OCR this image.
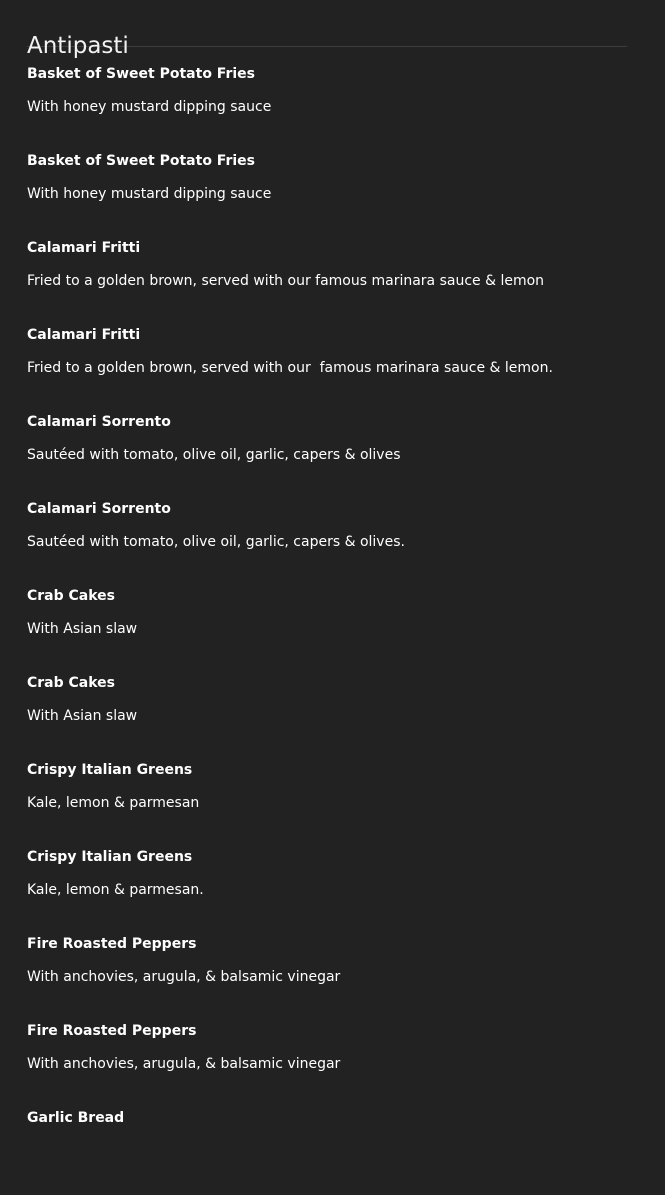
Antipasti
Basket of Sweet Potato Fries
With honey mustard dipping sauce
Basket of Sweet Potato Fries
With honey mustard dipping sauce
Calamari Fritti
Fried to a golden brown, served with our famous marinara sauce & lemon
Calamari Fritti
Fried to a golden brown, served with our  famous marinara sauce & lemon.
Calamari Sorrento
Sautéed with tomato, olive oil, garlic, capers & olives
Calamari Sorrento
Sautéed with tomato, olive oil, garlic, capers & olives.
Crab Cakes
With Asian slaw
Crab Cakes
With Asian slaw
Crispy Italian Greens
Kale, lemon & parmesan
Crispy Italian Greens
Kale, lemon & parmesan.
Fire Roasted Peppers
With anchovies, arugula, & balsamic vinegar
Fire Roasted Peppers
With anchovies, arugula, & balsamic vinegar
Garlic Bread
